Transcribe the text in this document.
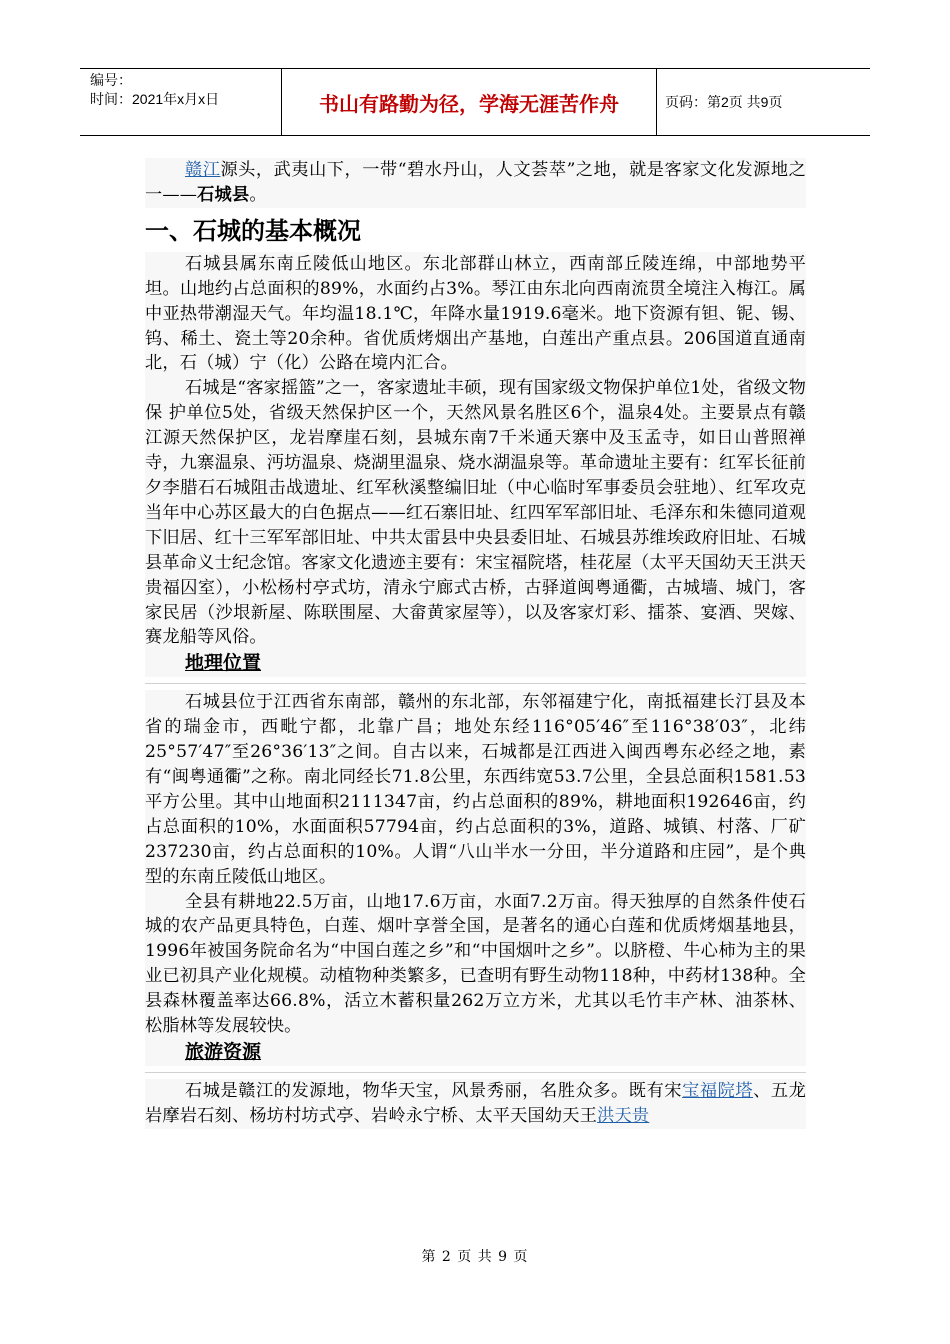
编号：
时间：2021年x月x日	书山有路勤为径，学海无涯苦作舟	页码：第2页 共9页

赣江源头，武夷山下，一带“碧水丹山，人文荟萃”之地，就是客家文化发源地之一——石城县。

一、石城的基本概况

石城县属东南丘陵低山地区。东北部群山林立，西南部丘陵连绵，中部地势平坦。山地约占总面积的89%，水面约占3%。琴江由东北向西南流贯全境注入梅江。属中亚热带潮湿天气。年均温18.1℃，年降水量1919.6毫米。地下资源有钽、铌、锡、钨、稀土、瓷土等20余种。省优质烤烟出产基地，白莲出产重点县。206国道直通南北，石（城）宁（化）公路在境内汇合。

石城是“客家摇篮”之一，客家遗址丰硕，现有国家级文物保护单位1处，省级文物保 护单位5处，省级天然保护区一个，天然风景名胜区6个，温泉4处。主要景点有赣江源天然保护区，龙岩摩崖石刻，县城东南7千米通天寨中及玉孟寺，如日山普照禅寺，九寨温泉、沔坊温泉、烧湖里温泉、烧水湖温泉等。革命遗址主要有：红军长征前夕李腊石石城阻击战遗址、红军秋溪整编旧址（中心临时军事委员会驻地）、红军攻克当年中心苏区最大的白色据点——红石寨旧址、红四军军部旧址、毛泽东和朱德同道观下旧居、红十三军军部旧址、中共太雷县中央县委旧址、石城县苏维埃政府旧址、石城县革命义士纪念馆。客家文化遗迹主要有：宋宝福院塔，桂花屋（太平天国幼天王洪天贵福囚室），小松杨村亭式坊，清永宁廊式古桥，古驿道闽粤通衢，古城墙、城门，客家民居（沙垠新屋、陈联围屋、大畲黄家屋等），以及客家灯彩、擂茶、宴酒、哭嫁、赛龙船等风俗。

地理位置

石城县位于江西省东南部，赣州的东北部，东邻福建宁化，南抵福建长汀县及本省的瑞金市，西毗宁都，北靠广昌；地处东经116°05′46″至116°38′03″，北纬25°57′47″至26°36′13″之间。自古以来，石城都是江西进入闽西粤东必经之地，素有“闽粤通衢”之称。南北同经长71.8公里，东西纬宽53.7公里，全县总面积1581.53平方公里。其中山地面积2111347亩，约占总面积的89%，耕地面积192646亩，约占总面积的10%，水面面积57794亩，约占总面积的3%，道路、城镇、村落、厂矿237230亩，约占总面积的10%。人谓“八山半水一分田，半分道路和庄园”，是个典型的东南丘陵低山地区。

全县有耕地22.5万亩，山地17.6万亩，水面7.2万亩。得天独厚的自然条件使石城的农产品更具特色，白莲、烟叶享誉全国，是著名的通心白莲和优质烤烟基地县，1996年被国务院命名为“中国白莲之乡”和“中国烟叶之乡”。以脐橙、牛心柿为主的果业已初具产业化规模。动植物种类繁多，已查明有野生动物118种，中药材138种。全县森林覆盖率达66.8%，活立木蓄积量262万立方米，尤其以毛竹丰产林、油茶林、松脂林等发展较快。

旅游资源

石城是赣江的发源地，物华天宝，风景秀丽，名胜众多。既有宋宝福院塔、五龙岩摩岩石刻、杨坊村坊式亭、岩岭永宁桥、太平天国幼天王洪天贵

第 2 页 共 9 页
